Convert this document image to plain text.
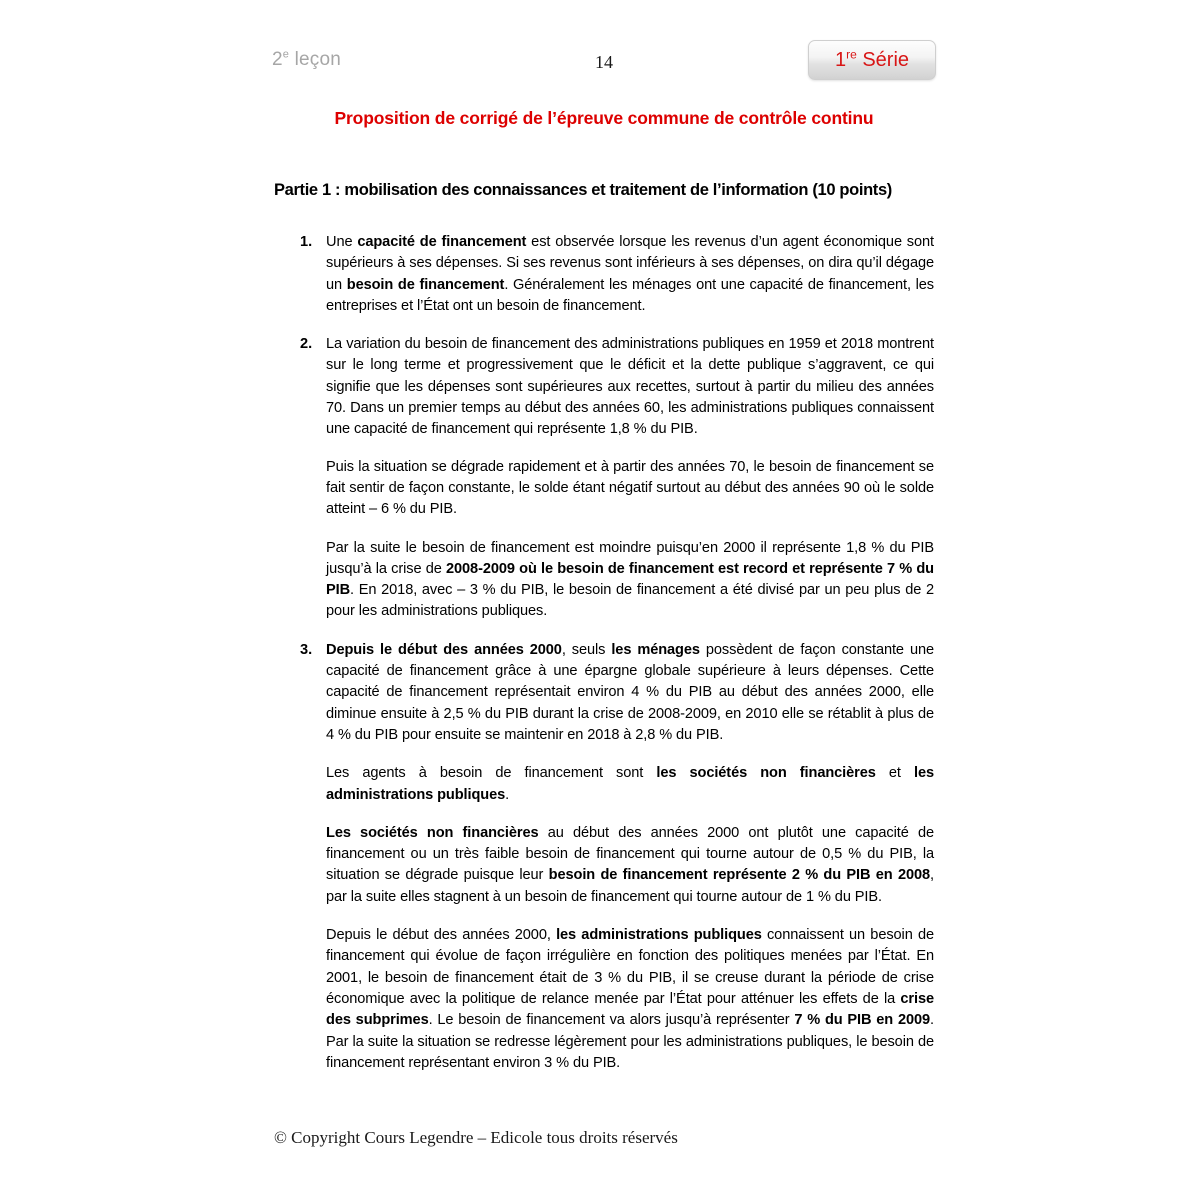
2e leçon	14	1re Série
Proposition de corrigé de l’épreuve commune de contrôle continu
Partie 1 : mobilisation des connaissances et traitement de l’information (10 points)
1. Une capacité de financement est observée lorsque les revenus d’un agent économique sont supérieurs à ses dépenses. Si ses revenus sont inférieurs à ses dépenses, on dira qu’il dégage un besoin de financement. Généralement les ménages ont une capacité de financement, les entreprises et l’État ont un besoin de financement.
2. La variation du besoin de financement des administrations publiques en 1959 et 2018 montrent sur le long terme et progressivement que le déficit et la dette publique s’aggravent, ce qui signifie que les dépenses sont supérieures aux recettes, surtout à partir du milieu des années 70. Dans un premier temps au début des années 60, les administrations publiques connaissent une capacité de financement qui représente 1,8 % du PIB.
Puis la situation se dégrade rapidement et à partir des années 70, le besoin de financement se fait sentir de façon constante, le solde étant négatif surtout au début des années 90 où le solde atteint – 6 % du PIB.
Par la suite le besoin de financement est moindre puisqu’en 2000 il représente 1,8 % du PIB jusqu’à la crise de 2008-2009 où le besoin de financement est record et représente 7 % du PIB. En 2018, avec – 3 % du PIB, le besoin de financement a été divisé par un peu plus de 2 pour les administrations publiques.
3. Depuis le début des années 2000, seuls les ménages possèdent de façon constante une capacité de financement grâce à une épargne globale supérieure à leurs dépenses. Cette capacité de financement représentait environ 4 % du PIB au début des années 2000, elle diminue ensuite à 2,5 % du PIB durant la crise de 2008-2009, en 2010 elle se rétablit à plus de 4 % du PIB pour ensuite se maintenir en 2018 à 2,8 % du PIB.
Les agents à besoin de financement sont les sociétés non financières et les administrations publiques.
Les sociétés non financières au début des années 2000 ont plutôt une capacité de financement ou un très faible besoin de financement qui tourne autour de 0,5 % du PIB, la situation se dégrade puisque leur besoin de financement représente 2 % du PIB en 2008, par la suite elles stagnent à un besoin de financement qui tourne autour de 1 % du PIB.
Depuis le début des années 2000, les administrations publiques connaissent un besoin de financement qui évolue de façon irrégulière en fonction des politiques menées par l’État. En 2001, le besoin de financement était de 3 % du PIB, il se creuse durant la période de crise économique avec la politique de relance menée par l’État pour atténuer les effets de la crise des subprimes. Le besoin de financement va alors jusqu’à représenter 7 % du PIB en 2009. Par la suite la situation se redresse légèrement pour les administrations publiques, le besoin de financement représentant environ 3 % du PIB.
© Copyright Cours Legendre – Edicole tous droits réservés
